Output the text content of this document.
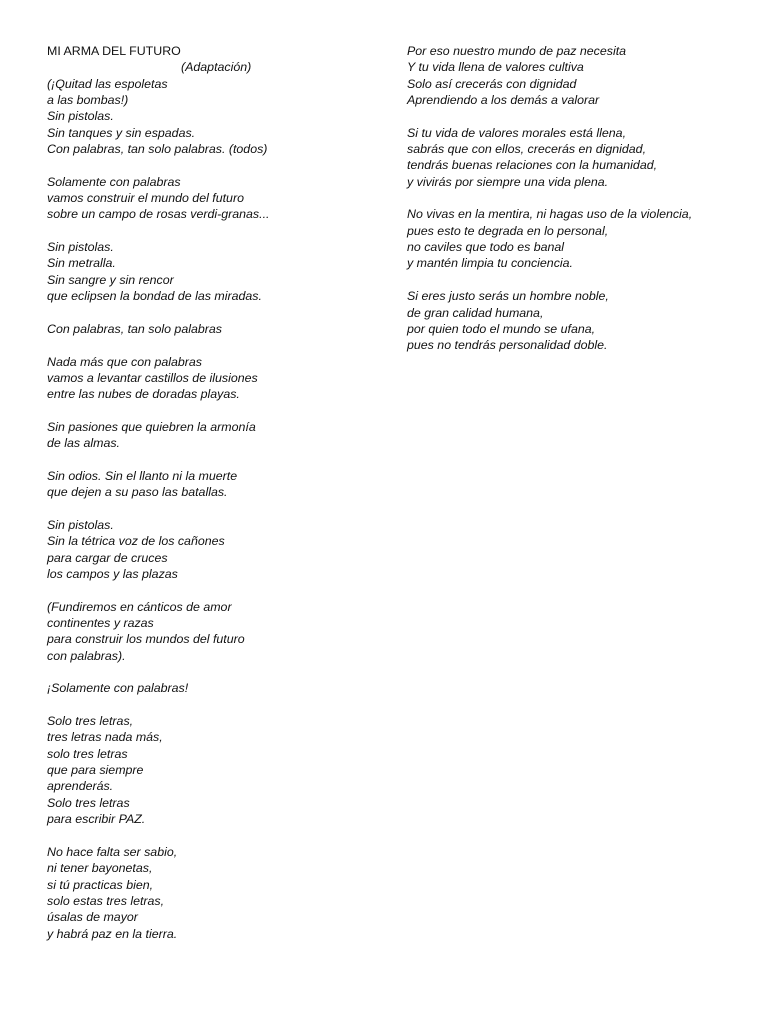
MI ARMA DEL FUTURO
(Adaptación)
(¡Quitad las espoletas
a las bombas!)
Sin pistolas.
Sin tanques y sin espadas.
Con palabras, tan solo palabras. (todos)
Solamente con palabras
vamos construir el mundo del futuro
sobre un campo de rosas verdi-granas...
Sin pistolas.
Sin metralla.
Sin sangre y sin rencor
que eclipsen la bondad de las miradas.
Con palabras, tan solo palabras
Nada más que con palabras
vamos a levantar castillos de ilusiones
entre las nubes de doradas playas.
Sin pasiones que quiebren la armonía
de las almas.
Sin odios. Sin el llanto ni la muerte
que dejen a su paso las batallas.
Sin pistolas.
Sin la tétrica voz de los cañones
para cargar de cruces
los campos y las plazas
(Fundiremos en cánticos de amor
continentes y razas
para construir los mundos del futuro
con palabras).
¡Solamente con palabras!
Solo tres letras,
tres letras nada más,
solo tres letras
que para siempre
aprenderás.
Solo tres letras
para escribir PAZ.
No hace falta ser sabio,
ni tener bayonetas,
si tú practicas bien,
solo estas tres letras,
úsalas de mayor
y habrá paz en la tierra.
Por eso nuestro mundo de paz necesita
Y tu vida llena de valores cultiva
Solo así crecerás con dignidad
Aprendiendo a los demás a valorar
Si tu vida de valores morales está llena,
sabrás que con ellos, crecerás en dignidad,
tendrás buenas relaciones con la humanidad,
y vivirás por siempre una vida plena.
No vivas en la mentira, ni hagas uso de la violencia,
pues esto te degrada en lo personal,
no caviles que todo es banal
y mantén limpia tu conciencia.
Si eres justo serás un hombre noble,
de gran calidad humana,
por quien todo el mundo se ufana,
pues no tendrás personalidad doble.
